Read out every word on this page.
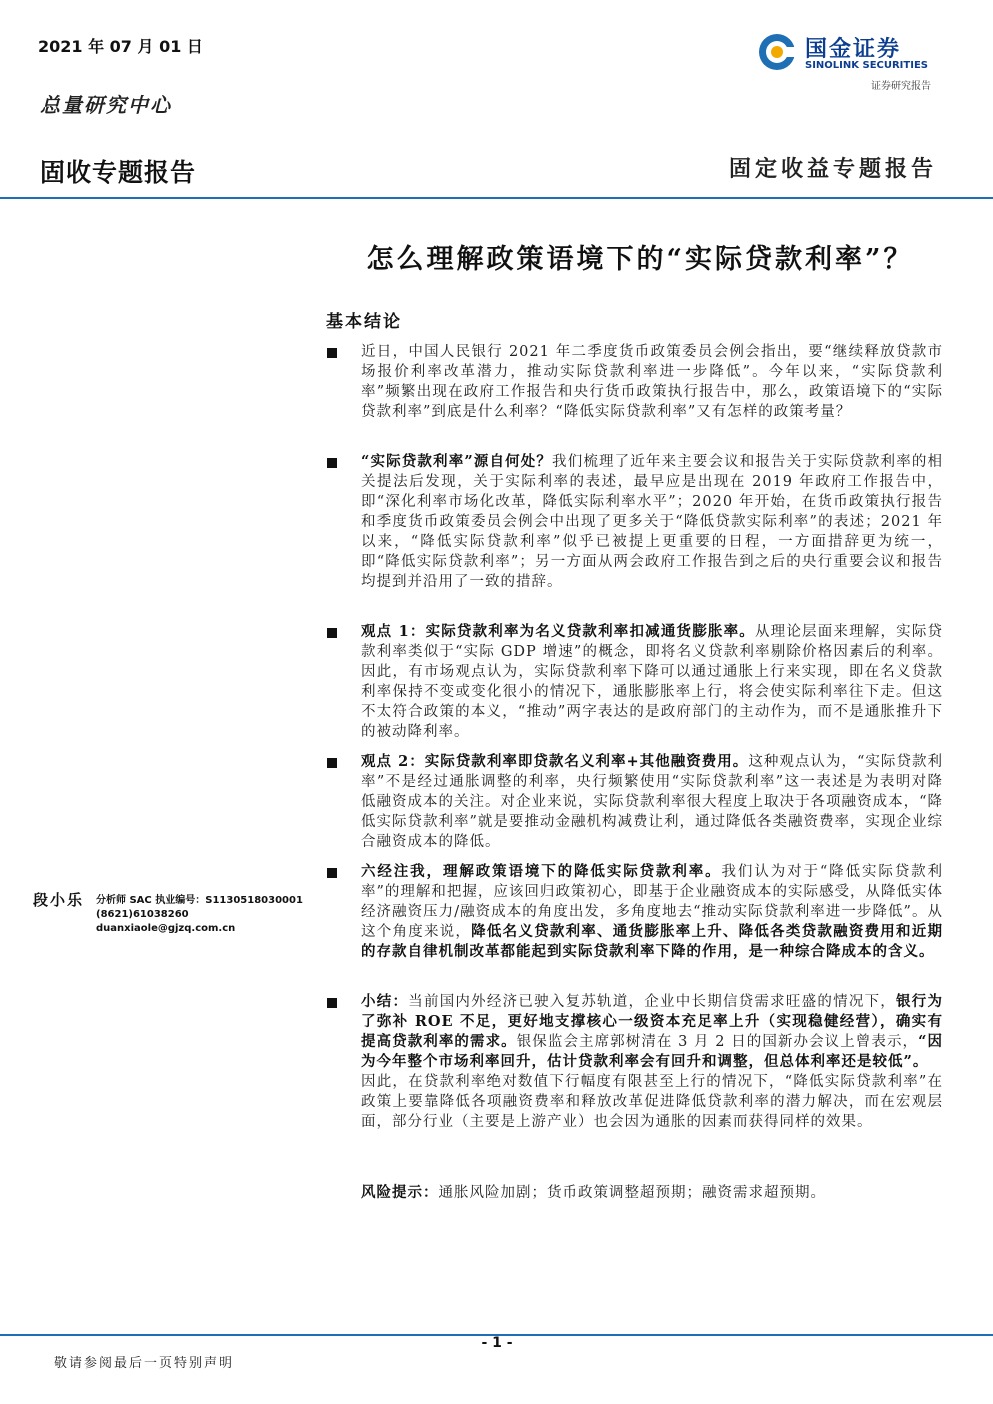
2021 年 07 月 01 日
总量研究中心
国金证券
SINOLINK SECURITIES
证券研究报告
固收专题报告	固定收益专题报告
怎么理解政策语境下的“实际贷款利率”？
基本结论
近日，中国人民银行 2021 年二季度货币政策委员会例会指出，要“继续释放贷款市场报价利率改革潜力，推动实际贷款利率进一步降低”。今年以来，“实际贷款利率”频繁出现在政府工作报告和央行货币政策执行报告中，那么，政策语境下的“实际贷款利率”到底是什么利率？“降低实际贷款利率”又有怎样的政策考量？
“实际贷款利率”源自何处？我们梳理了近年来主要会议和报告关于实际贷款利率的相关提法后发现，关于实际利率的表述，最早应是出现在 2019 年政府工作报告中，即“深化利率市场化改革，降低实际利率水平”；2020 年开始，在货币政策执行报告和季度货币政策委员会例会中出现了更多关于“降低贷款实际利率”的表述；2021 年以来，“降低实际贷款利率”似乎已被提上更重要的日程，一方面措辞更为统一，即“降低实际贷款利率”；另一方面从两会政府工作报告到之后的央行重要会议和报告均提到并沿用了一致的措辞。
观点 1：实际贷款利率为名义贷款利率扣减通货膨胀率。从理论层面来理解，实际贷款利率类似于“实际 GDP 增速”的概念，即将名义贷款利率剔除价格因素后的利率。因此，有市场观点认为，实际贷款利率下降可以通过通胀上行来实现，即在名义贷款利率保持不变或变化很小的情况下，通胀膨胀率上行，将会使实际利率往下走。但这不太符合政策的本义，“推动”两字表达的是政府部门的主动作为，而不是通胀推升下的被动降利率。
观点 2：实际贷款利率即贷款名义利率+其他融资费用。这种观点认为，“实际贷款利率”不是经过通胀调整的利率，央行频繁使用“实际贷款利率”这一表述是为表明对降低融资成本的关注。对企业来说，实际贷款利率很大程度上取决于各项融资成本，“降低实际贷款利率”就是要推动金融机构减费让利，通过降低各类融资费率，实现企业综合融资成本的降低。
六经注我，理解政策语境下的降低实际贷款利率。我们认为对于“降低实际贷款利率”的理解和把握，应该回归政策初心，即基于企业融资成本的实际感受，从降低实体经济融资压力/融资成本的角度出发，多角度地去“推动实际贷款利率进一步降低”。从这个角度来说，降低名义贷款利率、通货膨胀率上升、降低各类贷款融资费用和近期的存款自律机制改革都能起到实际贷款利率下降的作用，是一种综合降成本的含义。
小结：当前国内外经济已驶入复苏轨道，企业中长期信贷需求旺盛的情况下，银行为了弥补 ROE 不足，更好地支撑核心一级资本充足率上升（实现稳健经营），确实有提高贷款利率的需求。银保监会主席郭树清在 3 月 2 日的国新办会议上曾表示，“因为今年整个市场利率回升，估计贷款利率会有回升和调整，但总体利率还是较低”。
因此，在贷款利率绝对数值下行幅度有限甚至上行的情况下，“降低实际贷款利率”在政策上要靠降低各项融资费率和释放改革促进降低贷款利率的潜力解决，而在宏观层面，部分行业（主要是上游产业）也会因为通胀的因素而获得同样的效果。
风险提示：通胀风险加剧；货币政策调整超预期；融资需求超预期。
段小乐 分析师 SAC 执业编号：S1130518030001
(8621)61038260
duanxiaole@gjzq.com.cn
- 1 -
敬请参阅最后一页特别声明
